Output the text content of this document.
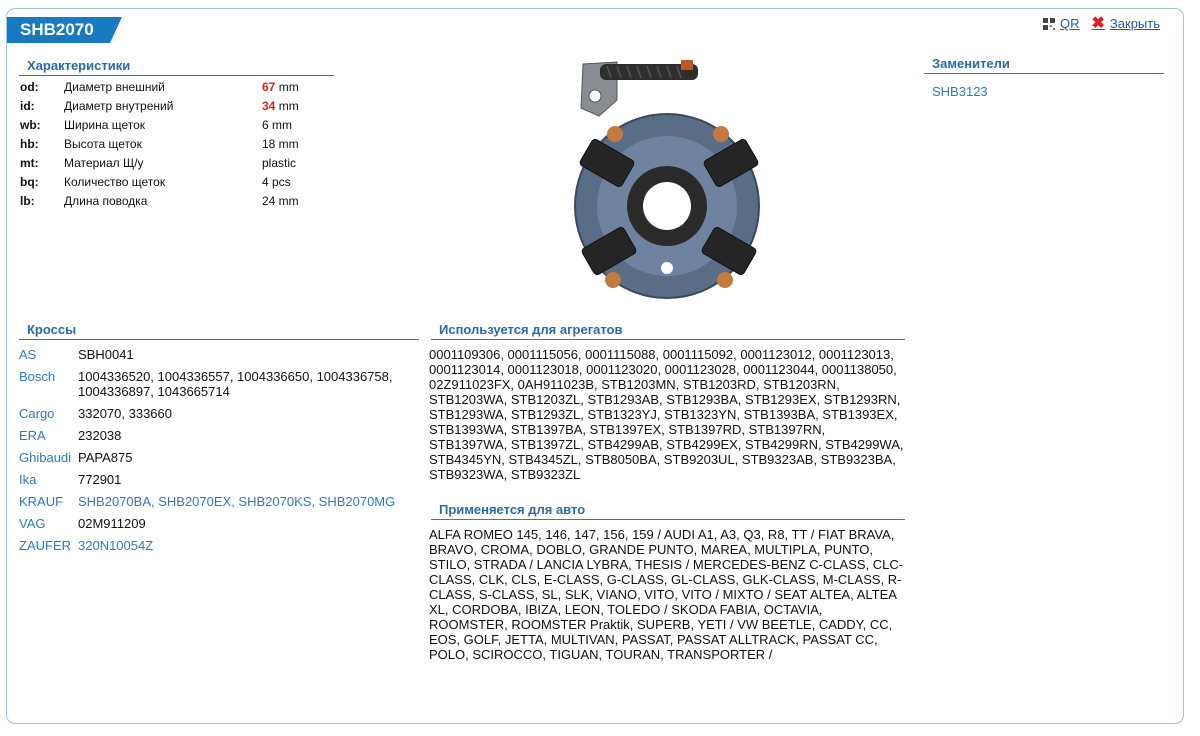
SHB2070	QR ✖ Закрыть
Характеристики
od:	Диаметр внешний	67 mm
id:	Диаметр внутрений	34 mm
wb:	Ширина щеток	6 mm
hb:	Высота щеток	18 mm
mt:	Материал Щ/у	plastic
bq:	Количество щеток	4 pcs
lb:	Длина поводка	24 mm
Заменители
SHB3123
Кроссы
AS	SBH0041
Bosch	1004336520, 1004336557, 1004336650, 1004336758, 1004336897, 1043665714
Cargo	332070, 333660
ERA	232038
Ghibaudi PAPA875
Ika	772901
KRAUF	SHB2070BA, SHB2070EX, SHB2070KS, SHB2070MG
VAG	02M911209
ZAUFER 320N10054Z
Используется для агрегатов
0001109306, 0001115056, 0001115088, 0001115092, 0001123012, 0001123013, 0001123014, 0001123018, 0001123020, 0001123028, 0001123044, 0001138050, 02Z911023FX, 0AH911023B, STB1203MN, STB1203RD, STB1203RN, STB1203WA, STB1203ZL, STB1293AB, STB1293BA, STB1293EX, STB1293RN, STB1293WA, STB1293ZL, STB1323YJ, STB1323YN, STB1393BA, STB1393EX, STB1393WA, STB1397BA, STB1397EX, STB1397RD, STB1397RN, STB1397WA, STB1397ZL, STB4299AB, STB4299EX, STB4299RN, STB4299WA, STB4345YN, STB4345ZL, STB8050BA, STB9203UL, STB9323AB, STB9323BA, STB9323WA, STB9323ZL
Применяется для авто
ALFA ROMEO 145, 146, 147, 156, 159 / AUDI A1, A3, Q3, R8, TT / FIAT BRAVA, BRAVO, CROMA, DOBLO, GRANDE PUNTO, MAREA, MULTIPLA, PUNTO, STILO, STRADA / LANCIA LYBRA, THESIS / MERCEDES-BENZ C-CLASS, CLC-CLASS, CLK, CLS, E-CLASS, G-CLASS, GL-CLASS, GLK-CLASS, M-CLASS, R-CLASS, S-CLASS, SL, SLK, VIANO, VITO, VITO / MIXTO / SEAT ALTEA, ALTEA XL, CORDOBA, IBIZA, LEON, TOLEDO / SKODA FABIA, OCTAVIA, ROOMSTER, ROOMSTER Praktik, SUPERB, YETI / VW BEETLE, CADDY, CC, EOS, GOLF, JETTA, MULTIVAN, PASSAT, PASSAT ALLTRACK, PASSAT CC, POLO, SCIROCCO, TIGUAN, TOURAN, TRANSPORTER /
